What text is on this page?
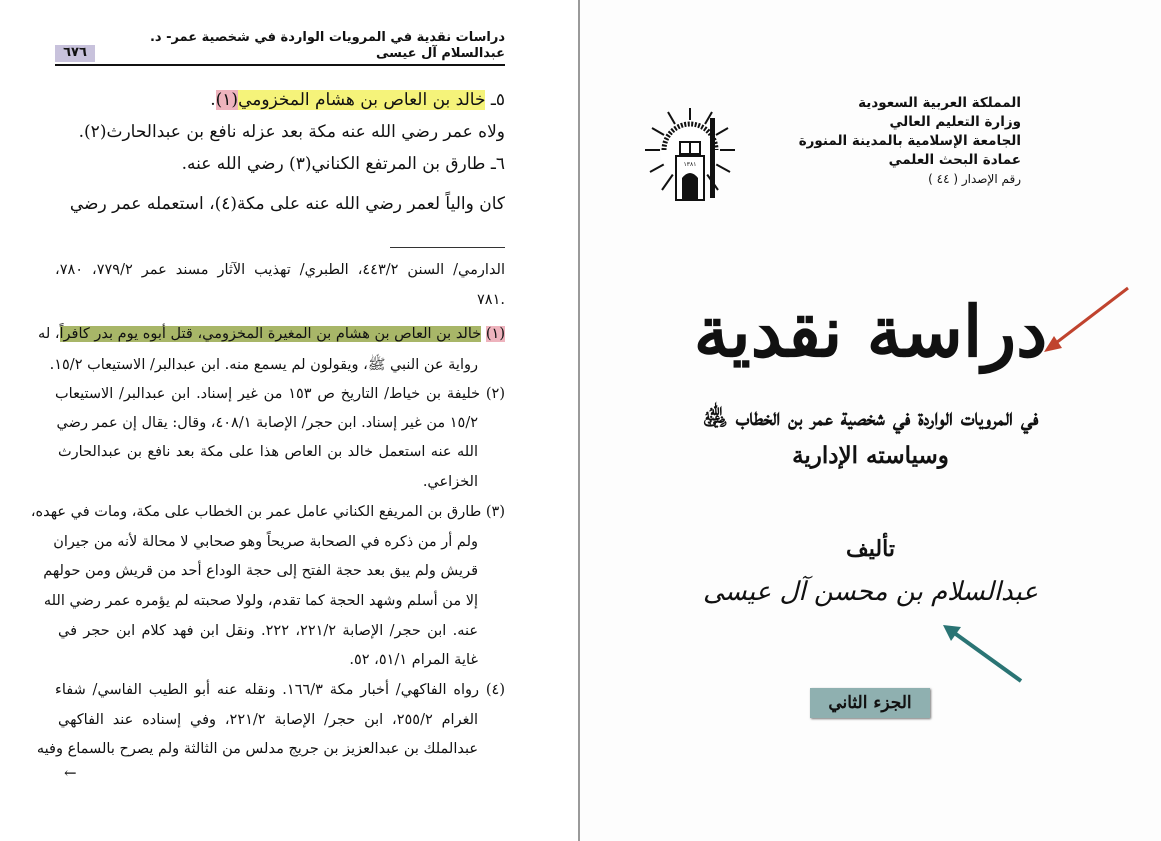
٦٧٦
دراسات نقدية في المرويات الواردة في شخصية عمر- د. عبدالسلام آل عيسى
٥ـ خالد بن العاص بن هشام المخزومي(١).
ولاه عمر رضي الله عنه مكة بعد عزله نافع بن عبدالحارث(٢).
٦ـ طارق بن المرتفع الكناني(٣) رضي الله عنه.
كان والياً لعمر رضي الله عنه على مكة(٤)، استعمله عمر رضي
الدارمي/ السنن ٤٤٣/٢، الطبري/ تهذيب الآثار مسند عمر ٧٧٩/٢، ٧٨٠،
.٧٨١
(١) خالد بن العاص بن هشام بن المغيرة المخزومي، قتل أبوه يوم بدر كافراً، له
رواية عن النبي ﷺ، ويقولون لم يسمع منه. ابن عبدالبر/ الاستيعاب ١٥/٢.
(٢) خليفة بن خياط/ التاريخ ص ١٥٣ من غير إسناد. ابن عبدالبر/ الاستيعاب
١٥/٢ من غير إسناد. ابن حجر/ الإصابة ٤٠٨/١، وقال: يقال إن عمر رضي
الله عنه استعمل خالد بن العاص هذا على مكة بعد نافع بن عبدالحارث
الخزاعي.
(٣) طارق بن المريفع الكناني عامل عمر بن الخطاب على مكة، ومات في عهده،
ولم أر من ذكره في الصحابة صريحاً وهو صحابي لا محالة لأنه من جيران
قريش ولم يبق بعد حجة الفتح إلى حجة الوداع أحد من قريش ومن حولهم
إلا من أسلم وشهد الحجة كما تقدم، ولولا صحبته لم يؤمره عمر رضي الله
عنه. ابن حجر/ الإصابة ٢٢١/٢، ٢٢٢. ونقل ابن فهد كلام ابن حجر في
غاية المرام ٥١/١، ٥٢.
(٤) رواه الفاكهي/ أخبار مكة ١٦٦/٣. ونقله عنه أبو الطيب الفاسي/ شفاء
الغرام ٢٥٥/٢، ابن حجر/ الإصابة ٢٢١/٢، وفي إسناده عند الفاكهي
عبدالملك بن عبدالعزيز بن جريج مدلس من الثالثة ولم يصرح بالسماع وفيه
←
المملكة العربية السعودية
وزارة التعليم العالي
الجامعة الإسلامية بالمدينة المنورة
عمادة البحث العلمي
رقم الإصدار ( ٤٤ )
١٣٨١
دراسة نقدية
في المرويات الواردة في شخصية عمر بن الخطاب ﵁
وسياسته الإدارية
تأليف
عبدالسلام بن محسن آل عيسى
الجزء الثاني
